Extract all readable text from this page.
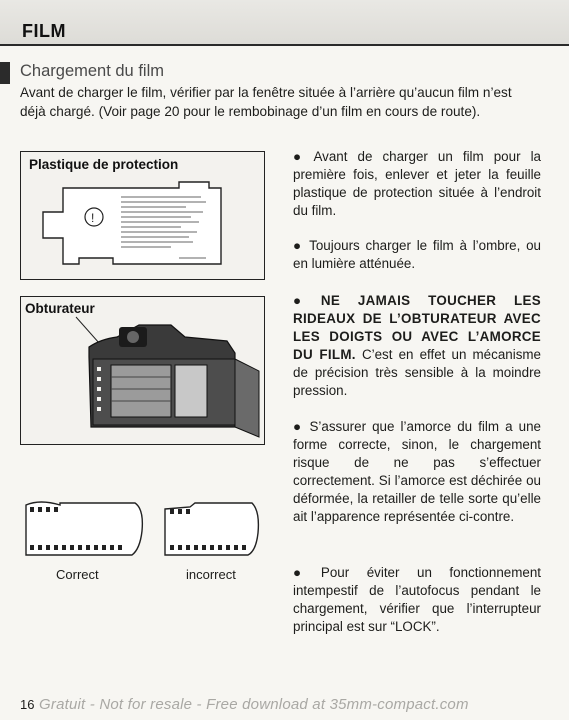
FILM

Chargement du film
Avant de charger le film, vérifier par la fenêtre située à l’arrière qu’aucun film n’est déjà chargé. (Voir page 20 pour le rembobinage d’un film en cours de route).
Plastique de protection
!
Obturateur
Correct	incorrect
● Avant de charger un film pour la première fois, enlever et jeter la feuille plastique de protection située à l’endroit du film.
● Toujours charger le film à l’ombre, ou en lumière atténuée.
● NE JAMAIS TOUCHER LES RIDEAUX DE L’OBTURATEUR AVEC LES DOIGTS OU AVEC L’AMORCE DU FILM. C’est en effet un mécanisme de précision très sensible à la moindre pression.
● S’assurer que l’amorce du film a une forme correcte, sinon, le chargement risque de ne pas s’effectuer correctement. Si l’amorce est déchirée ou déformée, la retailler de telle sorte qu’elle ait l’apparence représentée ci-contre.
● Pour éviter un fonctionnement intempestif de l’autofocus pendant le chargement, vérifier que l’interrupteur principal est sur “LOCK”.
16 Gratuit - Not for resale - Free download at 35mm-compact.com
